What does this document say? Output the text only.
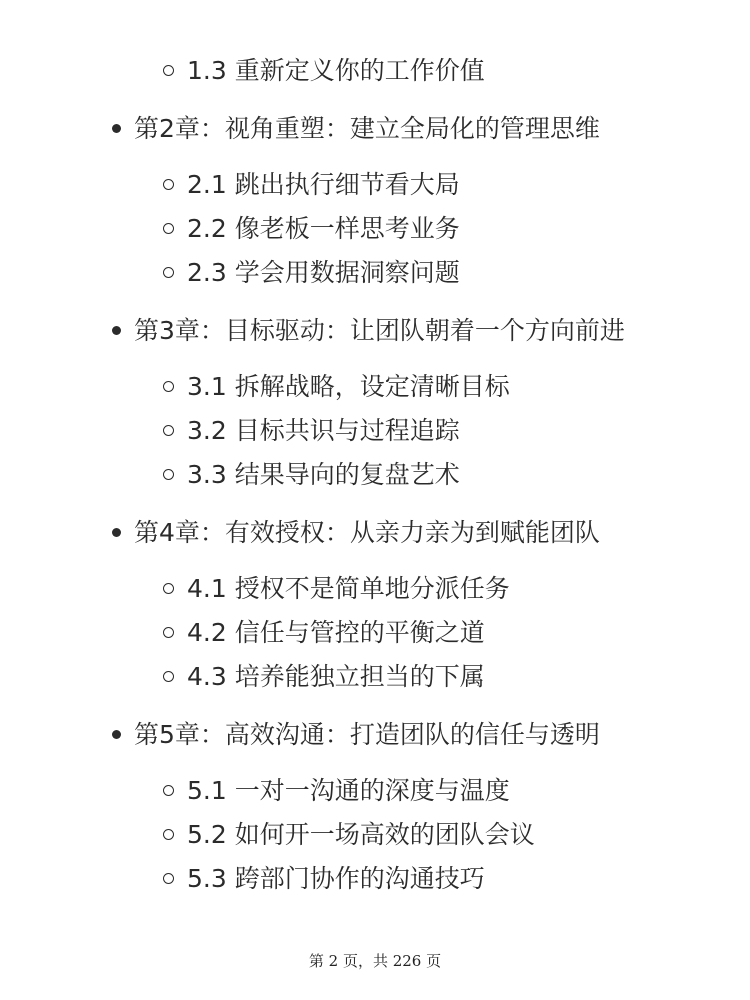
1.3 重新定义你的工作价值
第2章：视角重塑：建立全局化的管理思维
2.1 跳出执行细节看大局
2.2 像老板一样思考业务
2.3 学会用数据洞察问题
第3章：目标驱动：让团队朝着一个方向前进
3.1 拆解战略，设定清晰目标
3.2 目标共识与过程追踪
3.3 结果导向的复盘艺术
第4章：有效授权：从亲力亲为到赋能团队
4.1 授权不是简单地分派任务
4.2 信任与管控的平衡之道
4.3 培养能独立担当的下属
第5章：高效沟通：打造团队的信任与透明
5.1 一对一沟通的深度与温度
5.2 如何开一场高效的团队会议
5.3 跨部门协作的沟通技巧
第 2 页，共 226 页
